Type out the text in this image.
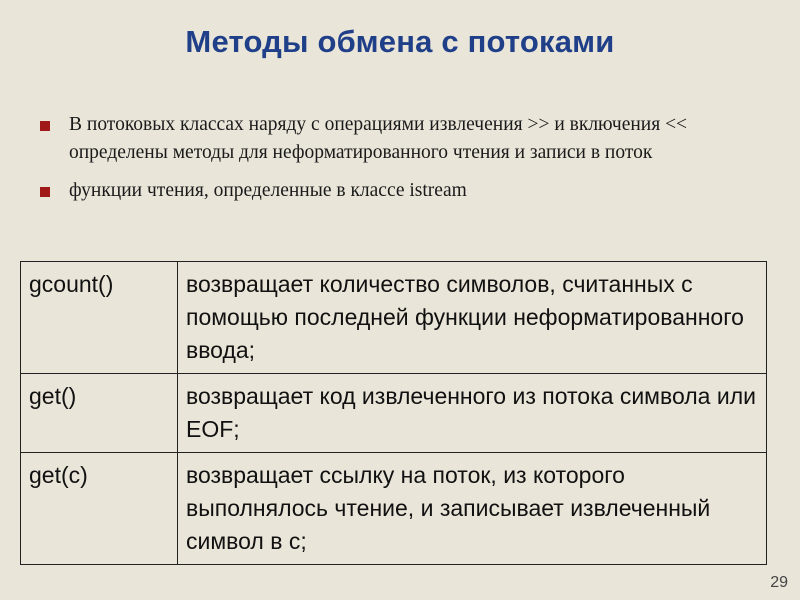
Методы обмена с потоками
В потоковых классах наряду с операциями извлечения >> и включения << определены методы для неформатированного чтения и записи в поток
функции чтения, определенные в классе istream
gcount()	возвращает количество символов, считанных с помощью последней функции неформатированного ввода;
get()	возвращает код извлеченного из потока символа или EOF;
get(c)	возвращает ссылку на поток, из которого выполнялось чтение, и записывает извлеченный символ в c;
29
